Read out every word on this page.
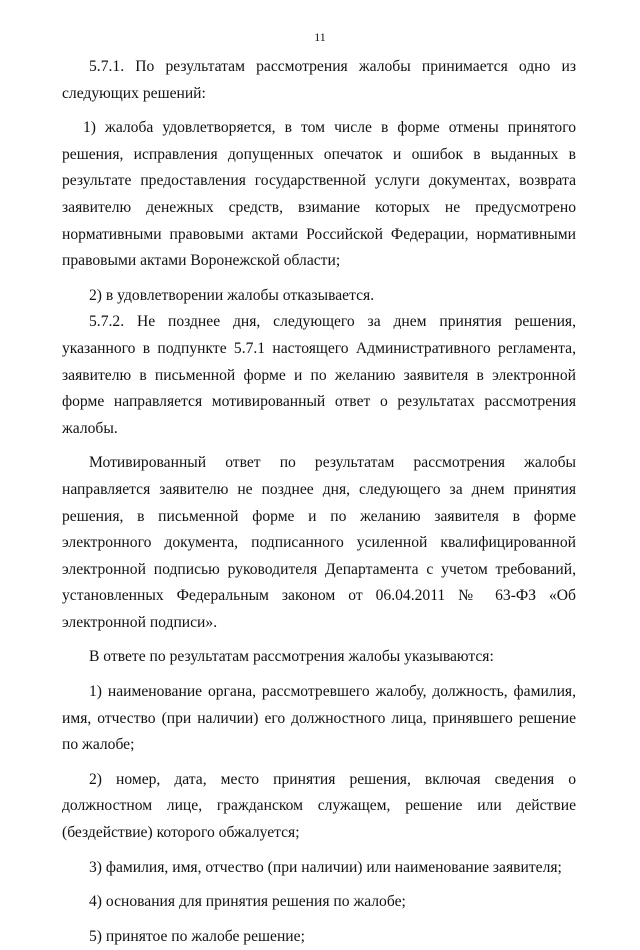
11

5.7.1. По результатам рассмотрения жалобы принимается одно из следующих решений:

1) жалоба удовлетворяется, в том числе в форме отмены принятого решения, исправления допущенных опечаток и ошибок в выданных в результате предоставления государственной услуги документах, возврата заявителю денежных средств, взимание которых не предусмотрено нормативными правовыми актами Российской Федерации, нормативными правовыми актами Воронежской области;

2) в удовлетворении жалобы отказывается.

5.7.2. Не позднее дня, следующего за днем принятия решения, указанного в подпункте 5.7.1 настоящего Административного регламента, заявителю в письменной форме и по желанию заявителя в электронной форме направляется мотивированный ответ о результатах рассмотрения жалобы.

Мотивированный ответ по результатам рассмотрения жалобы направляется заявителю не позднее дня, следующего за днем принятия решения, в письменной форме и по желанию заявителя в форме электронного документа, подписанного усиленной квалифицированной электронной подписью руководителя Департамента с учетом требований, установленных Федеральным законом от 06.04.2011 № 63-ФЗ «Об электронной подписи».

В ответе по результатам рассмотрения жалобы указываются:

1) наименование органа, рассмотревшего жалобу, должность, фамилия, имя, отчество (при наличии) его должностного лица, принявшего решение по жалобе;

2) номер, дата, место принятия решения, включая сведения о должностном лице, гражданском служащем, решение или действие (бездействие) которого обжалуется;

3) фамилия, имя, отчество (при наличии) или наименование заявителя;

4) основания для принятия решения по жалобе;

5) принятое по жалобе решение;
